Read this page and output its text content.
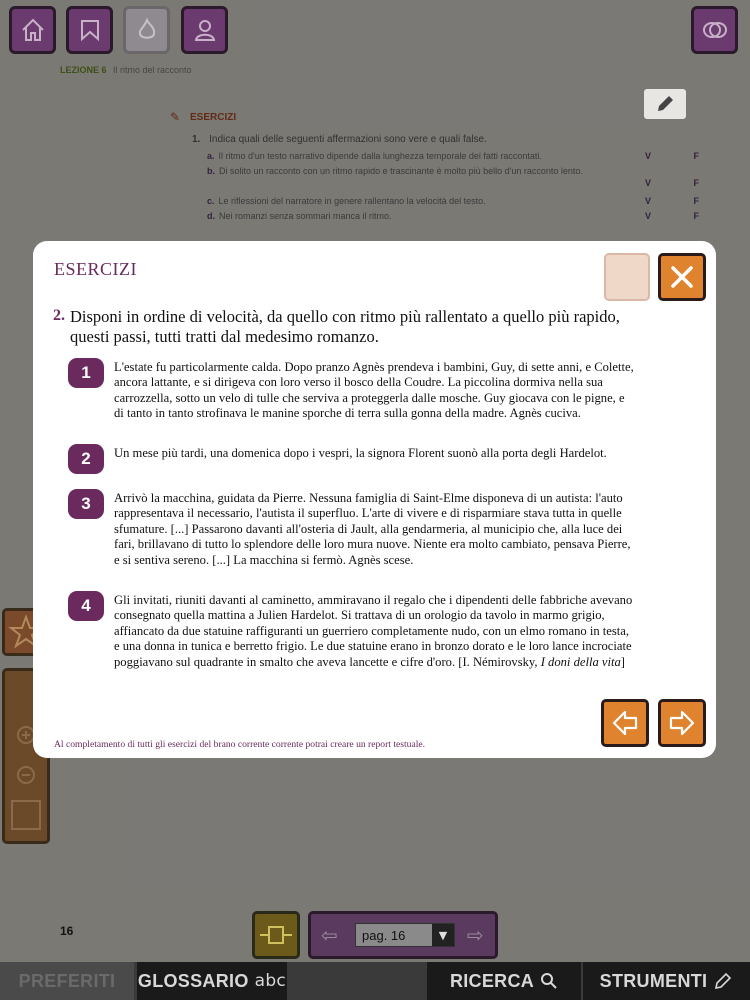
LEZIONE 6 Il ritmo del racconto
✎ ESERCIZI
1. Indica quali delle seguenti affermazioni sono vere e quali false.
a. Il ritmo d'un testo narrativo dipende dalla lunghezza temporale dei fatti raccontati.	V F
b. Di solito un racconto con un ritmo rapido e trascinante è molto più bello d'un racconto lento.
V F
c. Le riflessioni del narratore in genere rallentano la velocità del testo.	V F
d. Nei romanzi senza sommari manca il ritmo.	V F
16	⇦	pag. 16	▼ ⇨
PREFERITI GLOSSARIO abc	RICERCA	STRUMENTI
ESERCIZI
2. Disponi in ordine di velocità, da quello con ritmo più rallentato a quello più rapido, questi passi, tutti tratti dal medesimo romanzo.
1	L'estate fu particolarmente calda. Dopo pranzo Agnès prendeva i bambini, Guy, di sette anni, e Colette, ancora lattante, e si dirigeva con loro verso il bosco della Coudre. La piccolina dormiva nella sua carrozzella, sotto un velo di tulle che serviva a proteggerla dalle mosche. Guy giocava con le pigne, e di tanto in tanto strofinava le manine sporche di terra sulla gonna della madre. Agnès cuciva.
2	Un mese più tardi, una domenica dopo i vespri, la signora Florent suonò alla porta degli Hardelot.
3	Arrivò la macchina, guidata da Pierre. Nessuna famiglia di Saint-Elme disponeva di un autista: l'auto rappresentava il necessario, l'autista il superfluo. L'arte di vivere e di risparmiare stava tutta in quelle sfumature. [...] Passarono davanti all'osteria di Jault, alla gendarmeria, al municipio che, alla luce dei fari, brillavano di tutto lo splendore delle loro mura nuove. Niente era molto cambiato, pensava Pierre, e si sentiva sereno. [...] La macchina si fermò. Agnès scese.
4	Gli invitati, riuniti davanti al caminetto, ammiravano il regalo che i dipendenti delle fabbriche avevano consegnato quella mattina a Julien Hardelot. Si trattava di un orologio da tavolo in marmo grigio, affiancato da due statuine raffiguranti un guerriero completamente nudo, con un elmo romano in testa, e una donna in tunica e berretto frigio. Le due statuine erano in bronzo dorato e le loro lance incrociate poggiavano sul quadrante in smalto che aveva lancette e cifre d'oro. [I. Némirovsky, I doni della vita]
Al completamento di tutti gli esercizi del brano corrente corrente potrai creare un report testuale.
